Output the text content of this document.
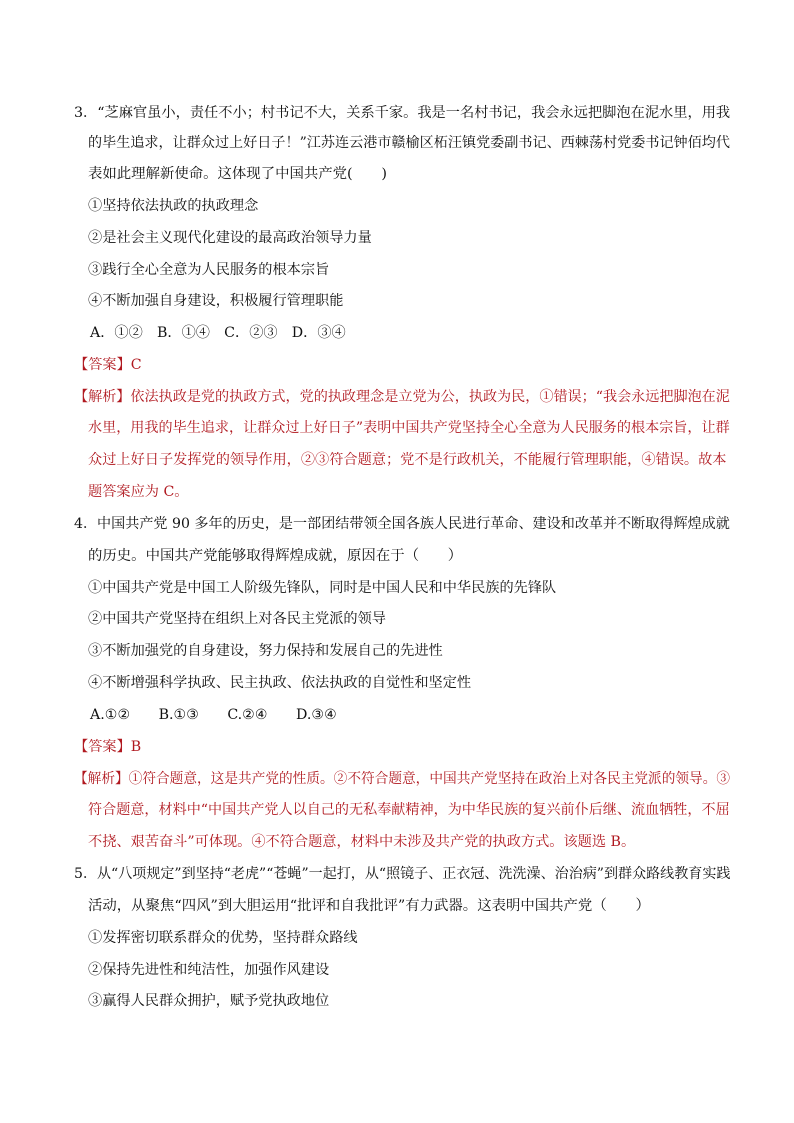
3．“芝麻官虽小，责任不小；村书记不大，关系千家。我是一名村书记，我会永远把脚泡在泥水里，用我
的毕生追求，让群众过上好日子！”江苏连云港市赣榆区柘汪镇党委副书记、西棘荡村党委书记钟佰均代
表如此理解新使命。这体现了中国共产党(　　)
①坚持依法执政的执政理念
②是社会主义现代化建设的最高政治领导力量
③践行全心全意为人民服务的根本宗旨
④不断加强自身建设，积极履行管理职能
A．①②　B．①④　C．②③　D．③④
【答案】C
【解析】依法执政是党的执政方式，党的执政理念是立党为公，执政为民，①错误；“我会永远把脚泡在泥
水里，用我的毕生追求，让群众过上好日子”表明中国共产党坚持全心全意为人民服务的根本宗旨，让群
众过上好日子发挥党的领导作用，②③符合题意；党不是行政机关，不能履行管理职能，④错误。故本
题答案应为 C。
4．中国共产党 90 多年的历史，是一部团结带领全国各族人民进行革命、建设和改革并不断取得辉煌成就
的历史。中国共产党能够取得辉煌成就，原因在于（　　）
①中国共产党是中国工人阶级先锋队，同时是中国人民和中华民族的先锋队
②中国共产党坚持在组织上对各民主党派的领导
③不断加强党的自身建设，努力保持和发展自己的先进性
④不断增强科学执政、民主执政、依法执政的自觉性和坚定性
A.①②　　B.①③　　C.②④　　D.③④
【答案】B
【解析】①符合题意，这是共产党的性质。②不符合题意，中国共产党坚持在政治上对各民主党派的领导。③
符合题意，材料中“中国共产党人以自己的无私奉献精神，为中华民族的复兴前仆后继、流血牺牲，不屈
不挠、艰苦奋斗”可体现。④不符合题意，材料中未涉及共产党的执政方式。该题选 B。
5．从“八项规定”到坚持“老虎”“苍蝇”一起打，从“照镜子、正衣冠、洗洗澡、治治病”到群众路线教育实践
活动，从聚焦“四风”到大胆运用“批评和自我批评”有力武器。这表明中国共产党（　　）
①发挥密切联系群众的优势，坚持群众路线
②保持先进性和纯洁性，加强作风建设
③赢得人民群众拥护，赋予党执政地位
